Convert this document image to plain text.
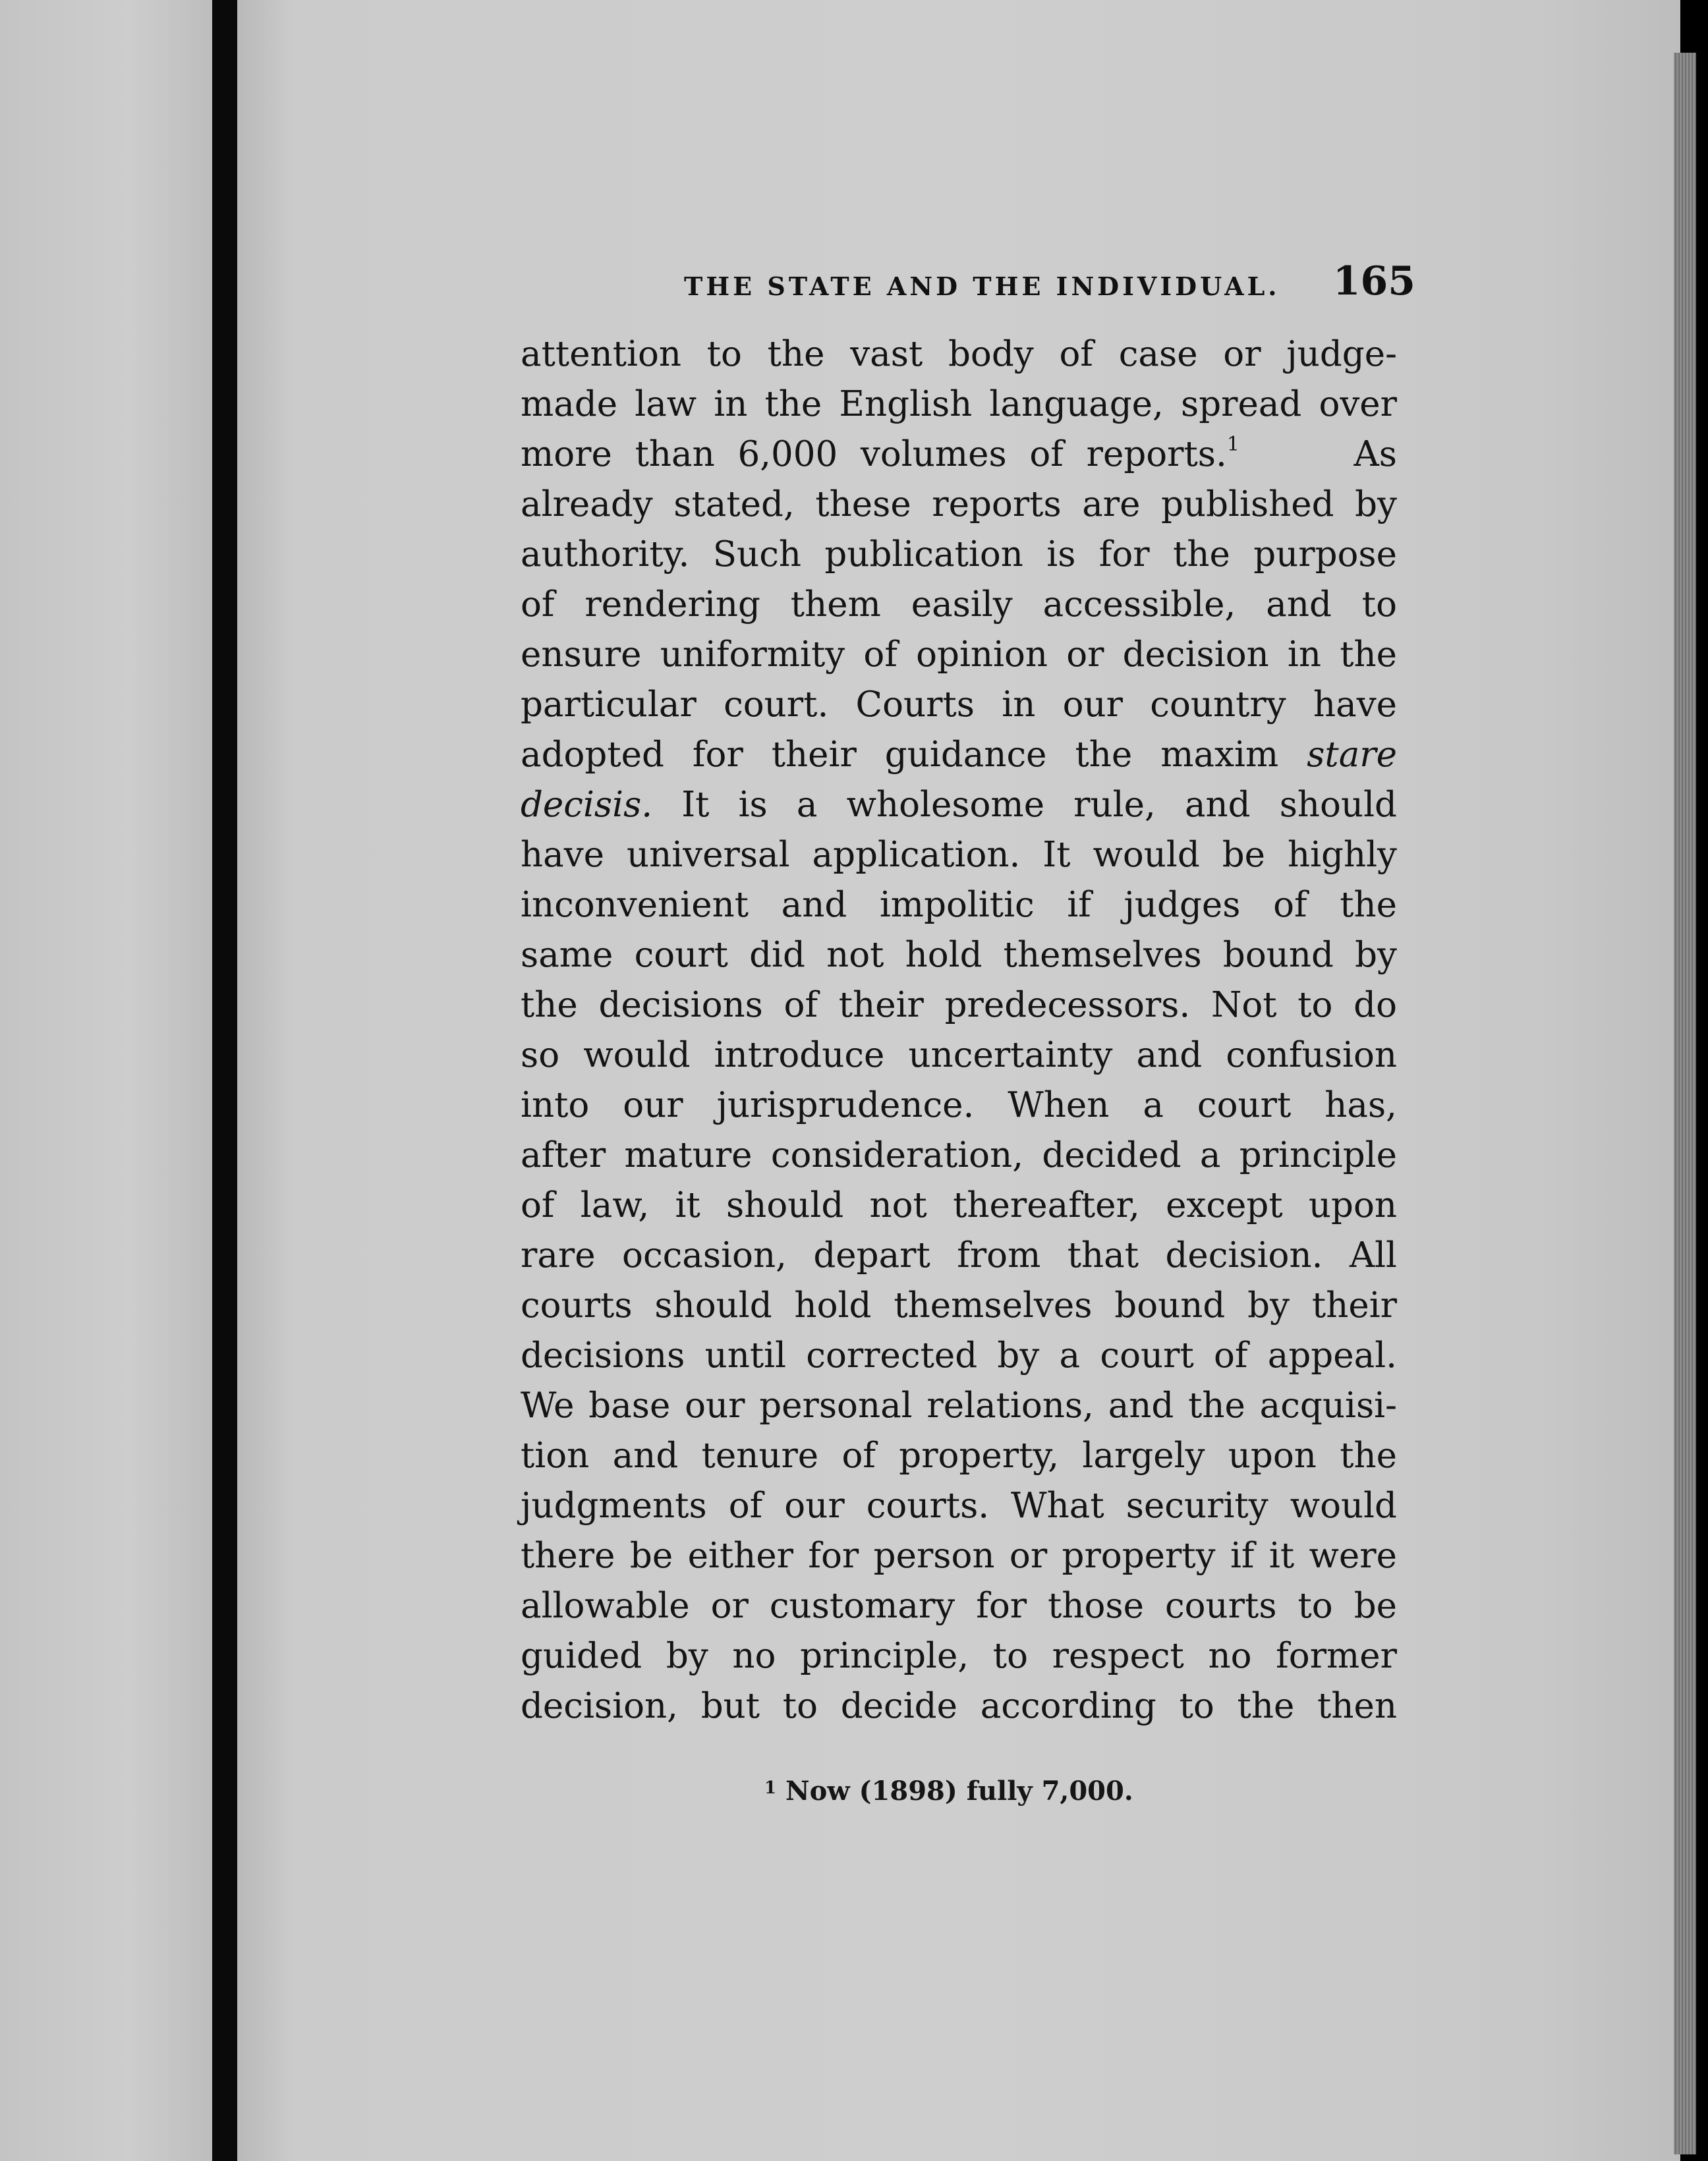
THE STATE AND THE INDIVIDUAL. 165
attention to the vast body of case or judge-
made law in the English language, spread over
more than 6,000 volumes of reports.$^1$	As
already stated, these reports are published by
authority. Such publication is for the purpose
of rendering them easily accessible, and to
ensure uniformity of opinion or decision in the
particular court. Courts in our country have
adopted for their guidance the maxim stare
decisis. It is a wholesome rule, and should
have universal application. It would be highly
inconvenient and impolitic if judges of the
same court did not hold themselves bound by
the decisions of their predecessors. Not to do
so would introduce uncertainty and confusion
into our jurisprudence. When a court has,
after mature consideration, decided a principle
of law, it should not thereafter, except upon
rare occasion, depart from that decision. All
courts should hold themselves bound by their
decisions until corrected by a court of appeal.
We base our personal relations, and the acquisi-
tion and tenure of property, largely upon the
judgments of our courts. What security would
there be either for person or property if it were
allowable or customary for those courts to be
guided by no principle, to respect no former
decision, but to decide according to the then
$^1$ Now (1898) fully 7,000.
